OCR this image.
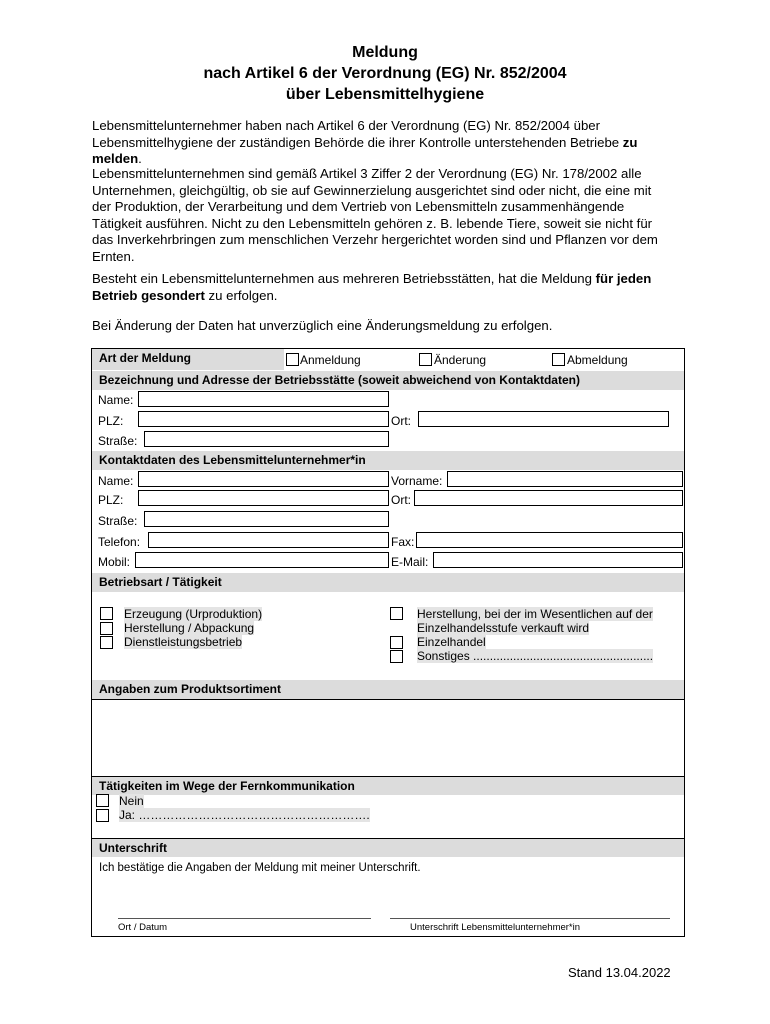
Meldung
nach Artikel 6 der Verordnung (EG) Nr. 852/2004
über Lebensmittelhygiene
Lebensmittelunternehmer haben nach Artikel 6 der Verordnung (EG) Nr. 852/2004 über Lebensmittelhygiene der zuständigen Behörde die ihrer Kontrolle unterstehenden Betriebe zu melden.
Lebensmittelunternehmen sind gemäß Artikel 3 Ziffer 2 der Verordnung (EG) Nr. 178/2002 alle Unternehmen, gleichgültig, ob sie auf Gewinnerzielung ausgerichtet sind oder nicht, die eine mit der Produktion, der Verarbeitung und dem Vertrieb von Lebensmitteln zusammenhängende Tätigkeit ausführen. Nicht zu den Lebensmitteln gehören z. B. lebende Tiere, soweit sie nicht für das Inverkehrbringen zum menschlichen Verzehr hergerichtet worden sind und Pflanzen vor dem Ernten.
Besteht ein Lebensmittelunternehmen aus mehreren Betriebsstätten, hat die Meldung für jeden Betrieb gesondert zu erfolgen.
Bei Änderung der Daten hat unverzüglich eine Änderungsmeldung zu erfolgen.
Art der Meldung	Anmeldung	Änderung	Abmeldung
Bezeichnung und Adresse der Betriebsstätte (soweit abweichend von Kontaktdaten)
Name:
PLZ:	Ort:
Straße:
Kontaktdaten des Lebensmittelunternehmer*in
Name:	Vorname:
PLZ:	Ort:
Straße:
Telefon:	Fax:
Mobil:	E-Mail:
Betriebsart / Tätigkeit
Erzeugung (Urproduktion)
Herstellung / Abpackung
Dienstleistungsbetrieb
Herstellung, bei der im Wesentlichen auf der
Einzelhandelsstufe verkauft wird
Einzelhandel
Sonstiges ......................................................
Angaben zum Produktsortiment
Tätigkeiten im Wege der Fernkommunikation
Nein
Ja: ………………………………………………….
Unterschrift
Ich bestätige die Angaben der Meldung mit meiner Unterschrift.
Ort / Datum	Unterschrift Lebensmittelunternehmer*in
Stand 13.04.2022
